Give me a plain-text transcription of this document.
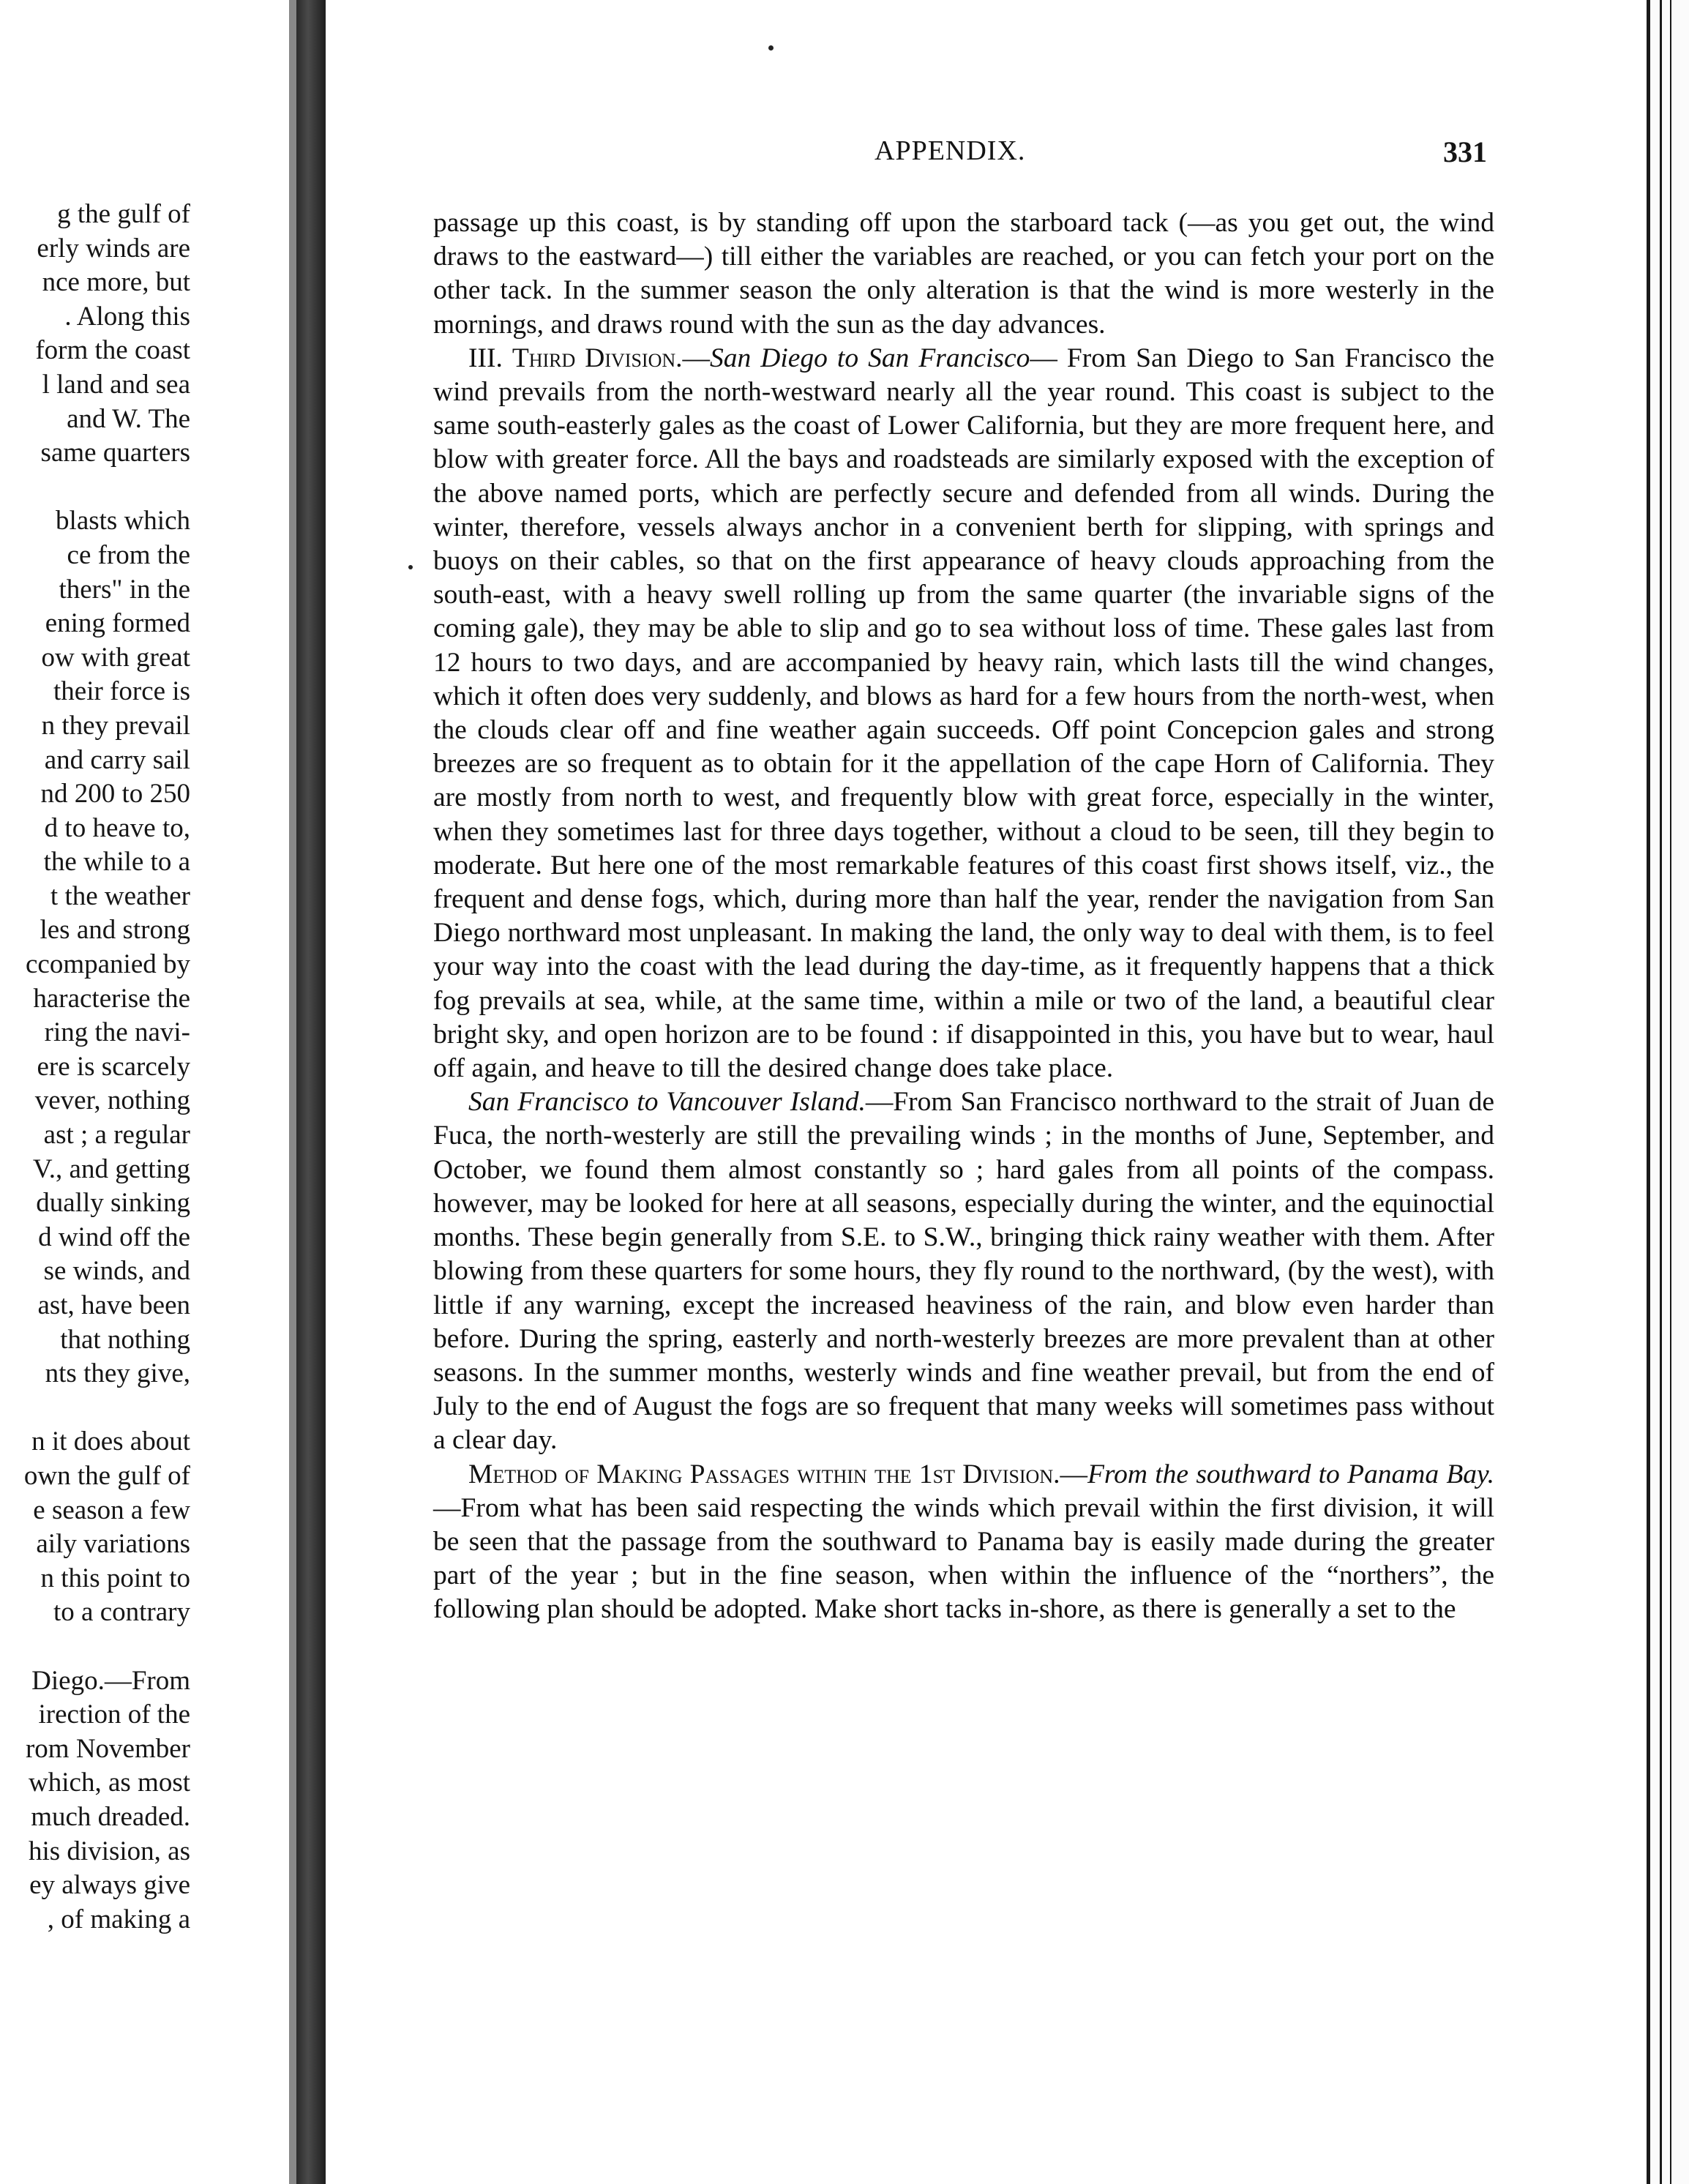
g the gulf of
erly winds are
nce more, but
. Along this
form the coast
l land and sea
and W. The
same quarters
blasts which
ce from the
thers" in the
ening formed
ow with great
their force is
n they prevail
and carry sail
nd 200 to 250
d to heave to,
the while to a
t the weather
les and strong
ccompanied by
haracterise the
ring the navi-
ere is scarcely
vever, nothing
ast ; a regular
V., and getting
dually sinking
d wind off the
se winds, and
ast, have been
that nothing
nts they give,
n it does about
own the gulf of
e season a few
aily variations
n this point to
to a contrary
Diego.—From
irection of the
rom November
which, as most
much dreaded.
his division, as
ey always give
, of making a
APPENDIX.	331

passage up this coast, is by standing off upon the starboard tack (—as you get out, the wind draws to the eastward—) till either the variables are reached, or you can fetch your port on the other tack. In the summer season the only alteration is that the wind is more westerly in the mornings, and draws round with the sun as the day advances.

III. Third Division.—San Diego to San Francisco— From San Diego to San Francisco the wind prevails from the north-westward nearly all the year round. This coast is subject to the same south-easterly gales as the coast of Lower California, but they are more frequent here, and blow with greater force. All the bays and roadsteads are similarly exposed with the exception of the above named ports, which are perfectly secure and defended from all winds. During the winter, therefore, vessels always anchor in a convenient berth for slipping, with springs and buoys on their cables, so that on the first appearance of heavy clouds approaching from the south-east, with a heavy swell rolling up from the same quarter (the invariable signs of the coming gale), they may be able to slip and go to sea without loss of time. These gales last from 12 hours to two days, and are accompanied by heavy rain, which lasts till the wind changes, which it often does very suddenly, and blows as hard for a few hours from the north-west, when the clouds clear off and fine weather again succeeds. Off point Concepcion gales and strong breezes are so frequent as to obtain for it the appellation of the cape Horn of California. They are mostly from north to west, and frequently blow with great force, especially in the winter, when they sometimes last for three days together, without a cloud to be seen, till they begin to moderate. But here one of the most remarkable features of this coast first shows itself, viz., the frequent and dense fogs, which, during more than half the year, render the navigation from San Diego northward most unpleasant. In making the land, the only way to deal with them, is to feel your way into the coast with the lead during the day-time, as it frequently happens that a thick fog prevails at sea, while, at the same time, within a mile or two of the land, a beautiful clear bright sky, and open horizon are to be found : if disappointed in this, you have but to wear, haul off again, and heave to till the desired change does take place.

San Francisco to Vancouver Island.—From San Francisco northward to the strait of Juan de Fuca, the north-westerly are still the prevailing winds ; in the months of June, September, and October, we found them almost constantly so ; hard gales from all points of the compass. however, may be looked for here at all seasons, especially during the winter, and the equinoctial months. These begin generally from S.E. to S.W., bringing thick rainy weather with them. After blowing from these quarters for some hours, they fly round to the northward, (by the west), with little if any warning, except the increased heaviness of the rain, and blow even harder than before. During the spring, easterly and north-westerly breezes are more prevalent than at other seasons. In the summer months, westerly winds and fine weather prevail, but from the end of July to the end of August the fogs are so frequent that many weeks will sometimes pass without a clear day.

Method of Making Passages within the 1st Division.—From the southward to Panama Bay.—From what has been said respecting the winds which prevail within the first division, it will be seen that the passage from the southward to Panama bay is easily made during the greater part of the year ; but in the fine season, when within the influence of the “northers”, the following plan should be adopted. Make short tacks in-shore, as there is generally a set to the
